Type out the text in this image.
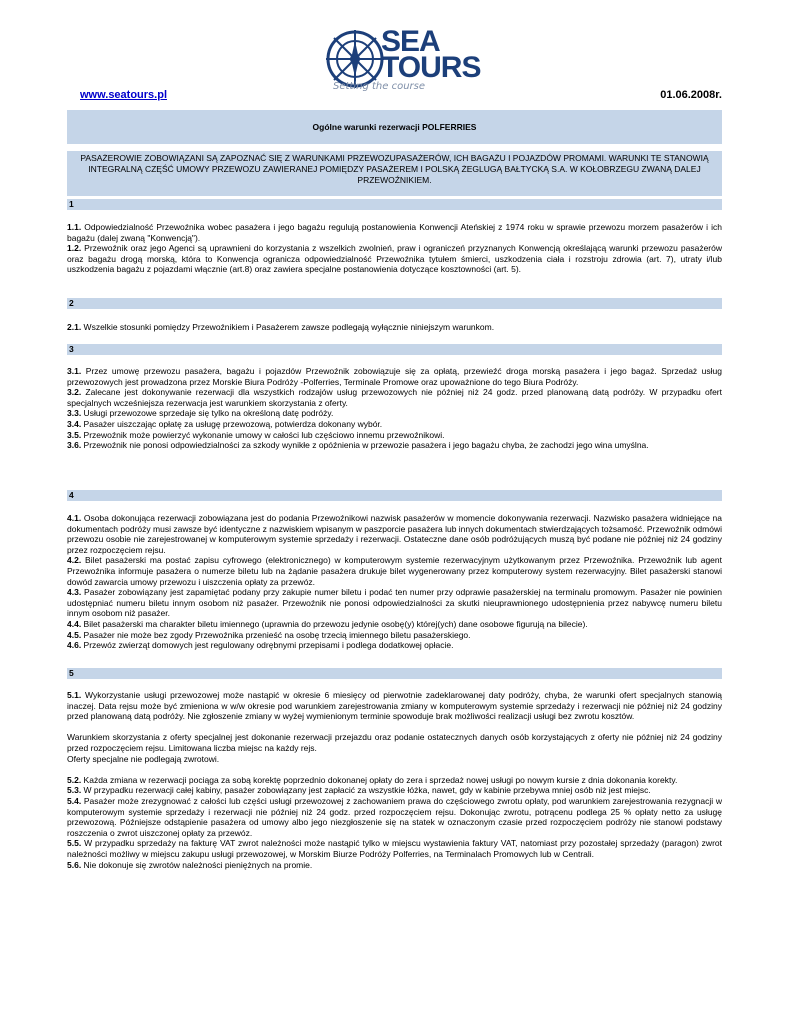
SEA
TOURS
Setting the course
www.seatours.pl	01.06.2008r.
Ogólne warunki rezerwacji POLFERRIES
PASAŻEROWIE ZOBOWIĄZANI SĄ ZAPOZNAĆ SIĘ Z WARUNKAMI PRZEWOZUPASAŻERÓW, ICH BAGAŻU I POJAZDÓW PROMAMI. WARUNKI TE STANOWIĄ INTEGRALNĄ CZĘŚĆ UMOWY PRZEWOZU ZAWIERANEJ POMIĘDZY PASAŻEREM I POLSKĄ ŻEGLUGĄ BAŁTYCKĄ S.A. W KOŁOBRZEGU ZWANĄ DALEJ PRZEWOŹNIKIEM.
1

1.1. Odpowiedzialność Przewoźnika wobec pasażera i jego bagażu regulują postanowienia Konwencji Ateńskiej z 1974 roku w sprawie przewozu morzem pasażerów i ich bagażu (dalej zwaną "Konwencją").

1.2. Przewoźnik oraz jego Agenci są uprawnieni do korzystania z wszelkich zwolnień, praw i ograniczeń przyznanych Konwencją określającą warunki przewozu pasażerów oraz bagażu drogą morską, która to Konwencja ogranicza odpowiedzialność Przewoźnika tytułem śmierci, uszkodzenia ciała i rozstroju zdrowia (art. 7), utraty i/lub uszkodzenia bagażu z pojazdami włącznie (art.8) oraz zawiera specjalne postanowienia dotyczące kosztowności (art. 5).

2

2.1. Wszelkie stosunki pomiędzy Przewoźnikiem i Pasażerem zawsze podlegają wyłącznie niniejszym warunkom.

3

3.1. Przez umowę przewozu pasażera, bagażu i pojazdów Przewoźnik zobowiązuje się za opłatą, przewieźć droga morską pasażera i jego bagaż. Sprzedaż usług przewozowych jest prowadzona przez Morskie Biura Podróży -Polferries, Terminale Promowe oraz upoważnione do tego Biura Podróży.

3.2. Zalecane jest dokonywanie rezerwacji dla wszystkich rodzajów usług przewozowych nie później niż 24 godz. przed planowaną datą podróży. W przypadku ofert specjalnych wcześniejsza rezerwacja jest warunkiem skorzystania z oferty.

3.3. Usługi przewozowe sprzedaje się tylko na określoną datę podróży.

3.4. Pasażer uiszczając opłatę za usługę przewozową, potwierdza dokonany wybór.

3.5. Przewoźnik może powierzyć wykonanie umowy w całości lub częściowo innemu przewoźnikowi.

3.6. Przewoźnik nie ponosi odpowiedzialności za szkody wynikłe z opóźnienia w przewozie pasażera i jego bagażu chyba, że zachodzi jego wina umyślna.

4

4.1. Osoba dokonująca rezerwacji zobowiązana jest do podania Przewoźnikowi nazwisk pasażerów w momencie dokonywania rezerwacji. Nazwisko pasażera widniejące na dokumentach podróży musi zawsze być identyczne z nazwiskiem wpisanym w paszporcie pasażera lub innych dokumentach stwierdzających tożsamość. Przewoźnik odmówi przewozu osobie nie zarejestrowanej w komputerowym systemie sprzedaży i rezerwacji. Ostateczne dane osób podróżujących muszą być podane nie później niż 24 godziny przez rozpoczęciem rejsu.

4.2. Bilet pasażerski ma postać zapisu cyfrowego (elektronicznego) w komputerowym systemie rezerwacyjnym użytkowanym przez Przewoźnika. Przewoźnik lub agent Przewoźnika informuje pasażera o numerze biletu lub na żądanie pasażera drukuje bilet wygenerowany przez komputerowy system rezerwacyjny. Bilet pasażerski stanowi dowód zawarcia umowy przewozu i uiszczenia opłaty za przewóz.

4.3. Pasażer zobowiązany jest zapamiętać podany przy zakupie numer biletu i podać ten numer przy odprawie pasażerskiej na terminalu promowym. Pasażer nie powinien udostępniać numeru biletu innym osobom niż pasażer. Przewoźnik nie ponosi odpowiedzialności za skutki nieuprawnionego udostępnienia przez nabywcę numeru biletu innym osobom niż pasażer.

4.4. Bilet pasażerski ma charakter biletu imiennego (uprawnia do przewozu jedynie osobę(y) której(ych) dane osobowe figurują na bilecie).

4.5. Pasażer nie może bez zgody Przewoźnika przenieść na osobę trzecią imiennego biletu pasażerskiego.

4.6. Przewóz zwierząt domowych jest regulowany odrębnymi przepisami i podlega dodatkowej opłacie.

5

5.1. Wykorzystanie usługi przewozowej może nastąpić w okresie 6 miesięcy od pierwotnie zadeklarowanej daty podróży, chyba, że warunki ofert specjalnych stanowią inaczej. Data rejsu może być zmieniona w w/w okresie pod warunkiem zarejestrowania zmiany w komputerowym systemie sprzedaży i rezerwacji nie później niż 24 godziny przed planowaną datą podróży. Nie zgłoszenie zmiany w wyżej wymienionym terminie spowoduje brak możliwości realizacji usługi bez zwrotu kosztów.

Warunkiem skorzystania z oferty specjalnej jest dokonanie rezerwacji przejazdu oraz podanie ostatecznych danych osób korzystających z oferty nie później niż 24 godziny przed rozpoczęciem rejsu. Limitowana liczba miejsc na każdy rejs.

Oferty specjalne nie podlegają zwrotowi.

5.2. Każda zmiana w rezerwacji pociąga za sobą korektę poprzednio dokonanej opłaty do zera i sprzedaż nowej usługi po nowym kursie z dnia dokonania korekty.

5.3. W przypadku rezerwacji całej kabiny, pasażer zobowiązany jest zapłacić za wszystkie łóżka, nawet, gdy w kabinie przebywa mniej osób niż jest miejsc.

5.4. Pasażer może zrezygnować z całości lub części usługi przewozowej z zachowaniem prawa do częściowego zwrotu opłaty, pod warunkiem zarejestrowania rezygnacji w komputerowym systemie sprzedaży i rezerwacji nie później niż 24 godz. przed rozpoczęciem rejsu. Dokonując zwrotu, potrącenu podlega 25 % opłaty netto za usługę przewozową. Późniejsze odstąpienie pasażera od umowy albo jego niezgłoszenie się na statek w oznaczonym czasie przed rozpoczęciem podróży nie stanowi podstawy roszczenia o zwrot uiszczonej opłaty za przewóz.

5.5. W przypadku sprzedaży na fakturę VAT zwrot należności może nastąpić tylko w miejscu wystawienia faktury VAT, natomiast przy pozostałej sprzedaży (paragon) zwrot należności możliwy w miejscu zakupu usługi przewozowej, w Morskim Biurze Podróży Polferries, na Terminalach Promowych lub w Centrali.

5.6. Nie dokonuje się zwrotów należności pieniężnych na promie.
